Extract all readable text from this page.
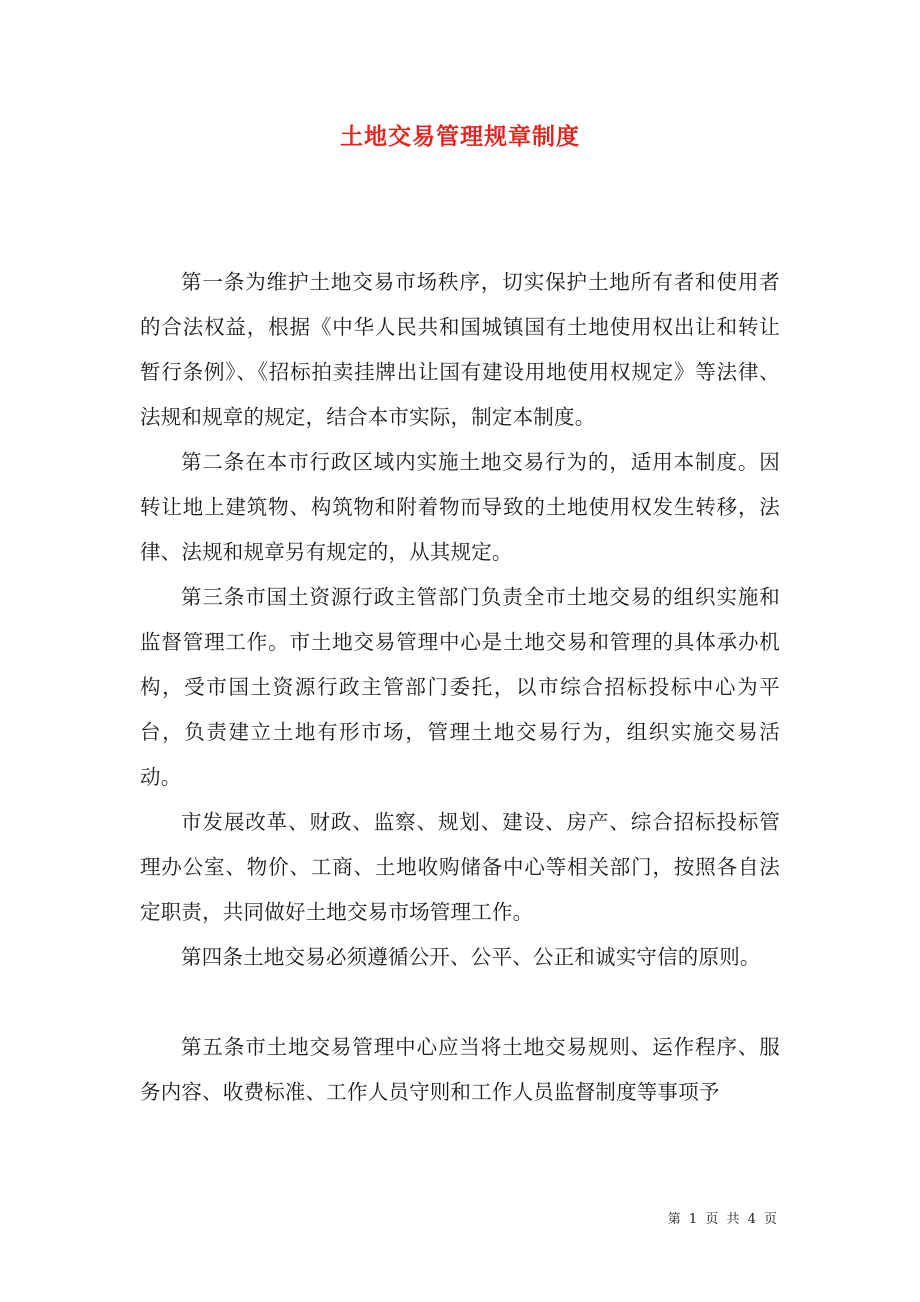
土地交易管理规章制度

第一条为维护土地交易市场秩序，切实保护土地所有者和使用者的合法权益，根据《中华人民共和国城镇国有土地使用权出让和转让暂行条例》、《招标拍卖挂牌出让国有建设用地使用权规定》等法律、法规和规章的规定，结合本市实际，制定本制度。

第二条在本市行政区域内实施土地交易行为的，适用本制度。因转让地上建筑物、构筑物和附着物而导致的土地使用权发生转移，法律、法规和规章另有规定的，从其规定。

第三条市国土资源行政主管部门负责全市土地交易的组织实施和监督管理工作。市土地交易管理中心是土地交易和管理的具体承办机构，受市国土资源行政主管部门委托，以市综合招标投标中心为平台，负责建立土地有形市场，管理土地交易行为，组织实施交易活动。

市发展改革、财政、监察、规划、建设、房产、综合招标投标管理办公室、物价、工商、土地收购储备中心等相关部门，按照各自法定职责，共同做好土地交易市场管理工作。

第四条土地交易必须遵循公开、公平、公正和诚实守信的原则。

第五条市土地交易管理中心应当将土地交易规则、运作程序、服务内容、收费标准、工作人员守则和工作人员监督制度等事项予

第 1 页 共 4 页
